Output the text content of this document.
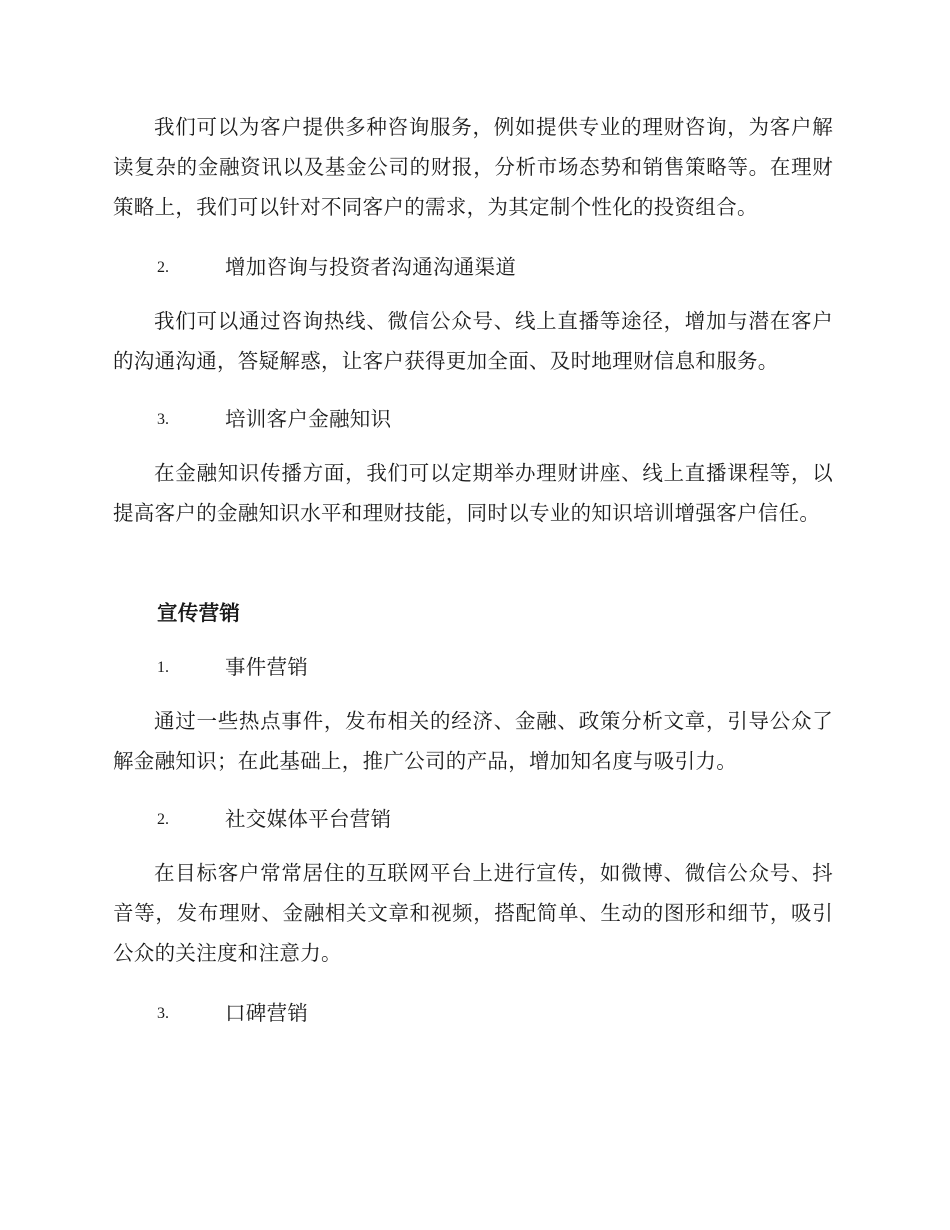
我们可以为客户提供多种咨询服务，例如提供专业的理财咨询，为客户解读复杂的金融资讯以及基金公司的财报，分析市场态势和销售策略等。在理财策略上，我们可以针对不同客户的需求，为其定制个性化的投资组合。

2.	增加咨询与投资者沟通沟通渠道

我们可以通过咨询热线、微信公众号、线上直播等途径，增加与潜在客户的沟通沟通，答疑解惑，让客户获得更加全面、及时地理财信息和服务。

3.	培训客户金融知识

在金融知识传播方面，我们可以定期举办理财讲座、线上直播课程等，以提高客户的金融知识水平和理财技能，同时以专业的知识培训增强客户信任。

宣传营销
1.	事件营销

通过一些热点事件，发布相关的经济、金融、政策分析文章，引导公众了解金融知识；在此基础上，推广公司的产品，增加知名度与吸引力。

2.	社交媒体平台营销

在目标客户常常居住的互联网平台上进行宣传，如微博、微信公众号、抖音等，发布理财、金融相关文章和视频，搭配简单、生动的图形和细节，吸引公众的关注度和注意力。

3.	口碑营销
